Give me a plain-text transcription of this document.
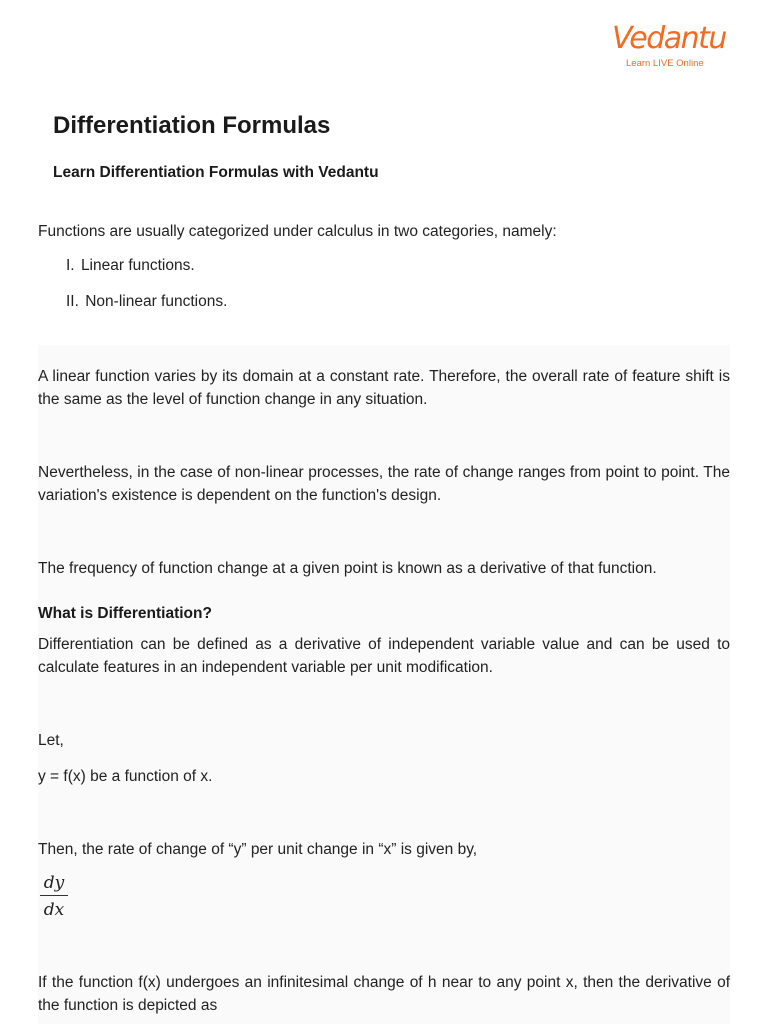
Vedantu
Learn LIVE Online
Differentiation Formulas
Learn Differentiation Formulas with Vedantu
Functions are usually categorized under calculus in two categories, namely:
I. Linear functions.
II. Non-linear functions.
A linear function varies by its domain at a constant rate. Therefore, the overall rate of feature shift is the same as the level of function change in any situation.
Nevertheless, in the case of non-linear processes, the rate of change ranges from point to point. The variation's existence is dependent on the function's design.
The frequency of function change at a given point is known as a derivative of that function.
What is Differentiation?
Differentiation can be defined as a derivative of independent variable value and can be used to calculate features in an independent variable per unit modification.
Let,
y = f(x) be a function of x.
Then, the rate of change of “y” per unit change in “x” is given by,
dy
dx
If the function f(x) undergoes an infinitesimal change of h near to any point x, then the derivative of the function is depicted as
